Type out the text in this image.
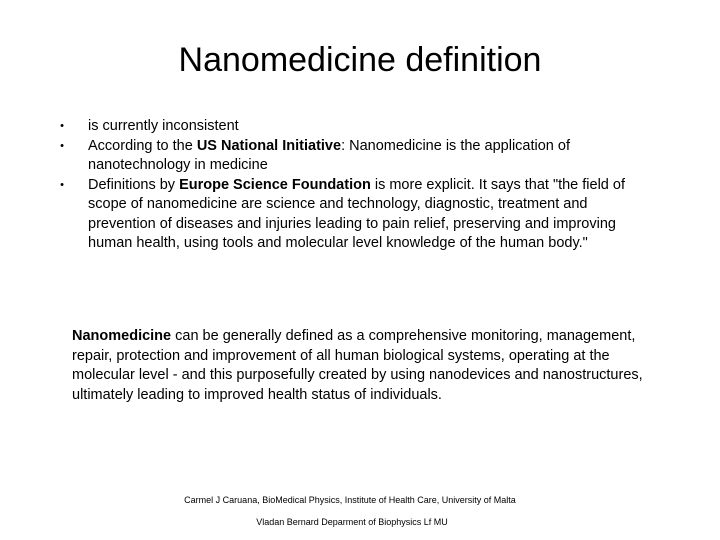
Nanomedicine definition
• is currently inconsistent
• According to the US National Initiative: Nanomedicine is the application of nanotechnology in medicine
• Definitions by Europe Science Foundation is more explicit. It says that "the field of scope of nanomedicine are science and technology, diagnostic, treatment and prevention of diseases and injuries leading to pain relief, preserving and improving human health, using tools and molecular level knowledge of the human body."
Nanomedicine can be generally defined as a comprehensive monitoring, management, repair, protection and improvement of all human biological systems, operating at the molecular level - and this purposefully created by using nanodevices and nanostructures, ultimately leading to improved health status of individuals.
Carmel J Caruana, BioMedical Physics, Institute of Health Care, University of Malta
Vladan Bernard Deparment of Biophysics Lf MU
